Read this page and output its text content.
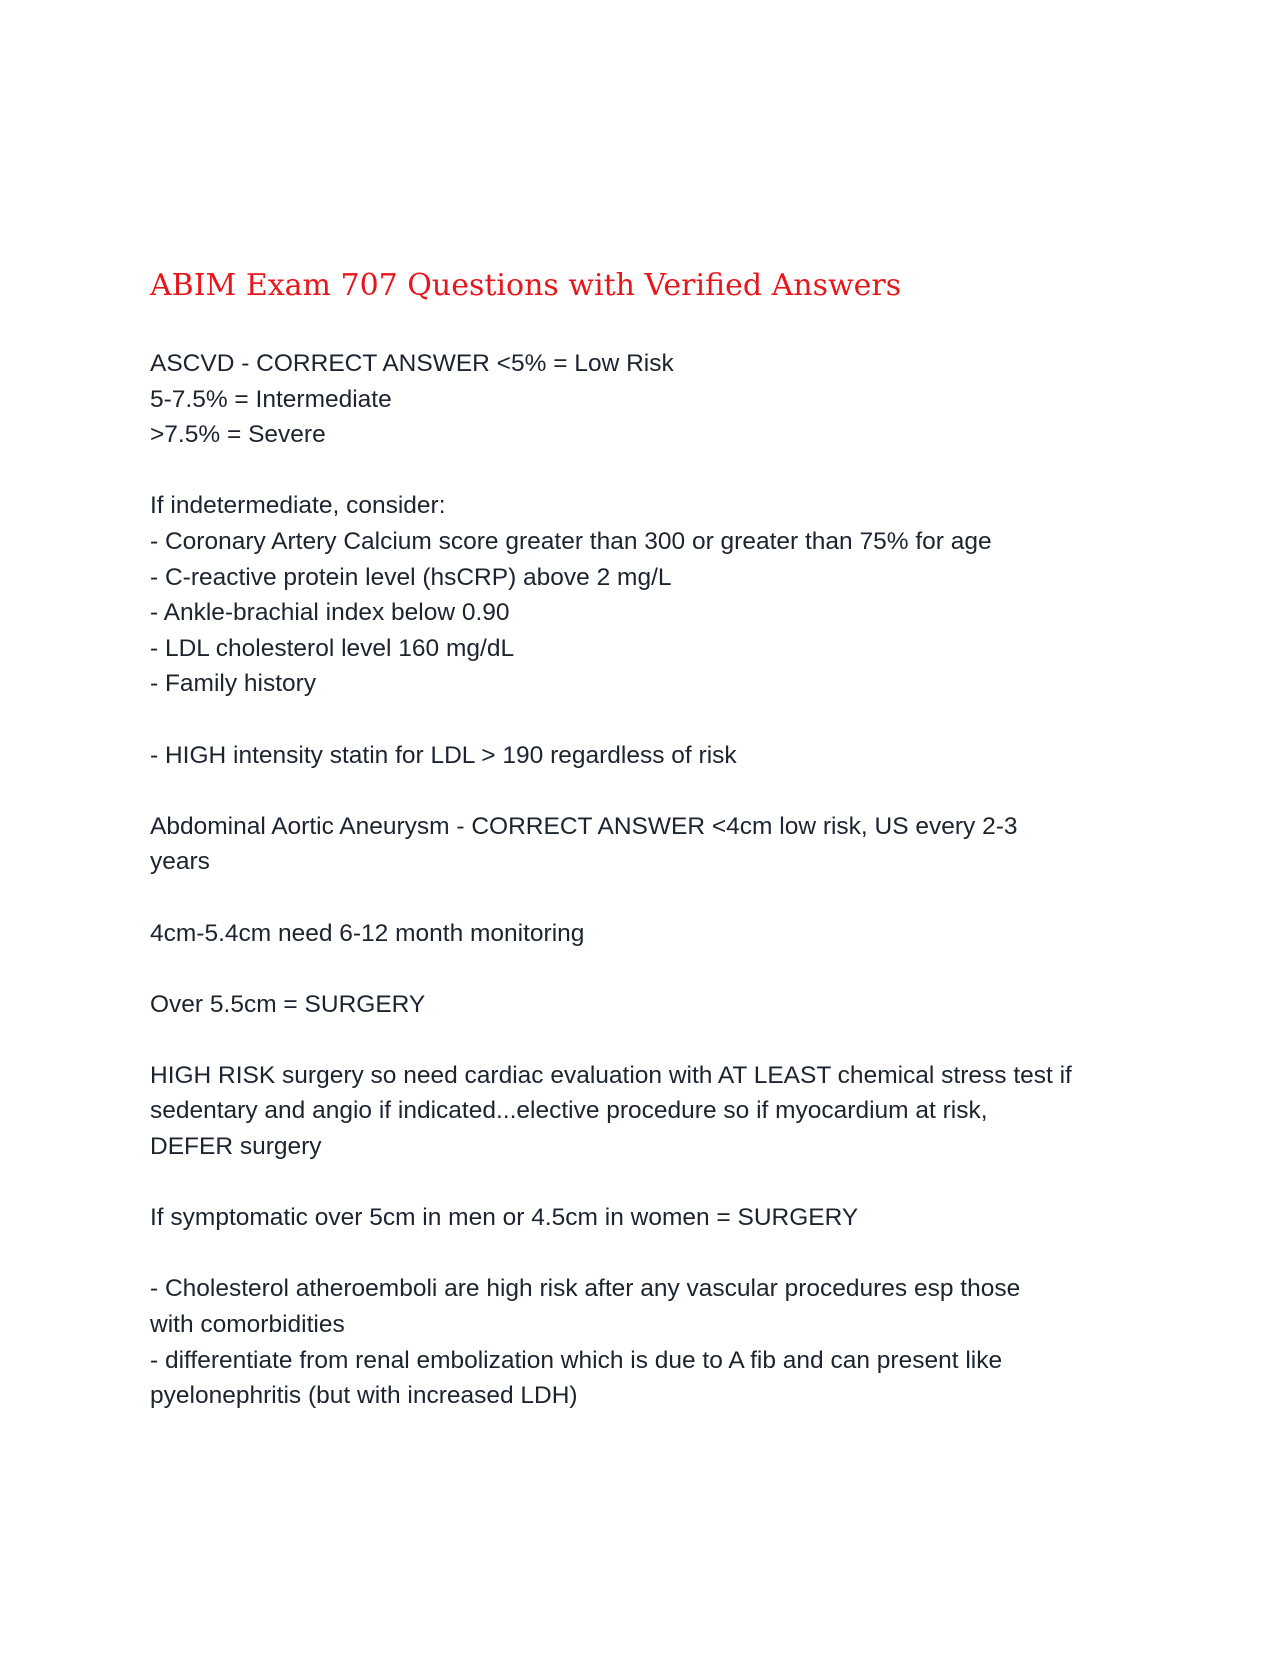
ABIM Exam 707 Questions with Verified Answers
ASCVD - CORRECT ANSWER <5% = Low Risk
5-7.5% = Intermediate
>7.5% = Severe
If indetermediate, consider:
- Coronary Artery Calcium score greater than 300 or greater than 75% for age
- C-reactive protein level (hsCRP) above 2 mg/L
- Ankle-brachial index below 0.90
- LDL cholesterol level 160 mg/dL
- Family history
- HIGH intensity statin for LDL > 190 regardless of risk
Abdominal Aortic Aneurysm - CORRECT ANSWER <4cm low risk, US every 2-3
years
4cm-5.4cm need 6-12 month monitoring
Over 5.5cm = SURGERY
HIGH RISK surgery so need cardiac evaluation with AT LEAST chemical stress test if
sedentary and angio if indicated...elective procedure so if myocardium at risk,
DEFER surgery
If symptomatic over 5cm in men or 4.5cm in women = SURGERY
- Cholesterol atheroemboli are high risk after any vascular procedures esp those
with comorbidities
- differentiate from renal embolization which is due to A fib and can present like
pyelonephritis (but with increased LDH)
